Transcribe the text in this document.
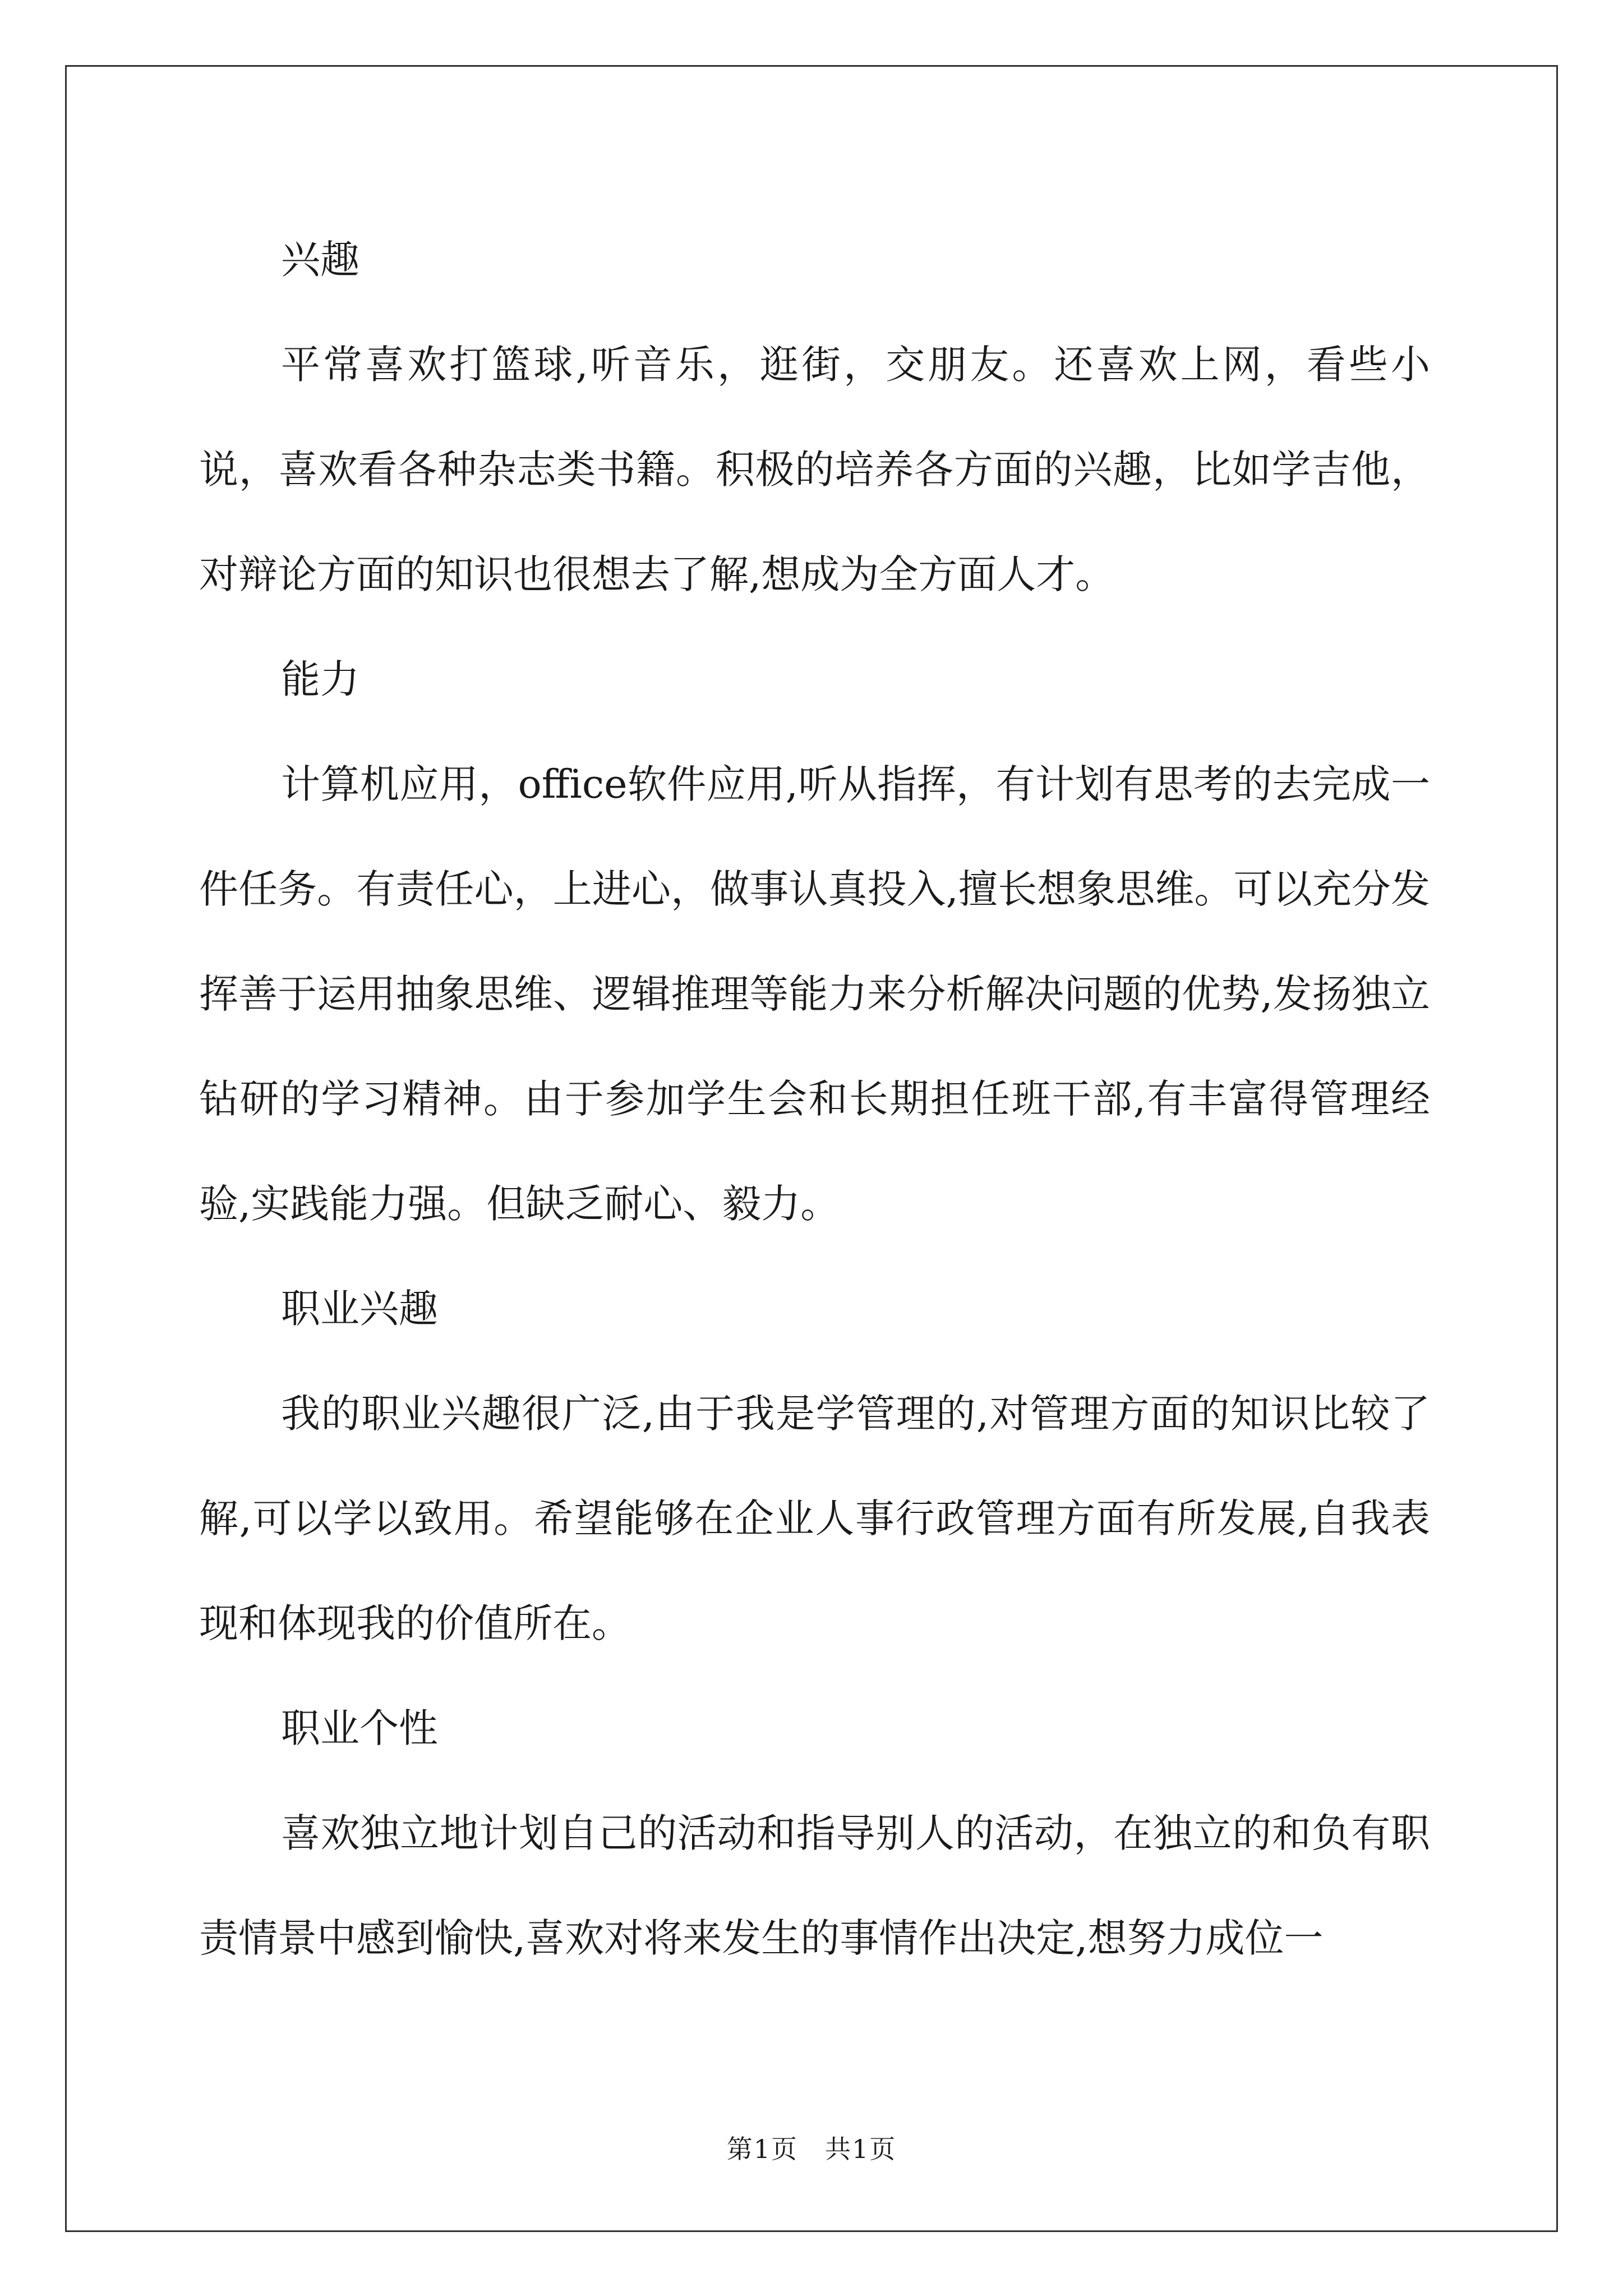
兴趣

平常喜欢打篮球,听音乐，逛街，交朋友。还喜欢上网，看些小说，喜欢看各种杂志类书籍。积极的培养各方面的兴趣，比如学吉他，对辩论方面的知识也很想去了解,想成为全方面人才。

能力

计算机应用，office软件应用,听从指挥，有计划有思考的去完成一件任务。有责任心，上进心，做事认真投入,擅长想象思维。可以充分发挥善于运用抽象思维、逻辑推理等能力来分析解决问题的优势,发扬独立钻研的学习精神。由于参加学生会和长期担任班干部,有丰富得管理经验,实践能力强。但缺乏耐心、毅力。

职业兴趣

我的职业兴趣很广泛,由于我是学管理的,对管理方面的知识比较了解,可以学以致用。希望能够在企业人事行政管理方面有所发展,自我表现和体现我的价值所在。

职业个性

喜欢独立地计划自己的活动和指导别人的活动，在独立的和负有职责情景中感到愉快,喜欢对将来发生的事情作出决定,想努力成位一

第1页　共1页
